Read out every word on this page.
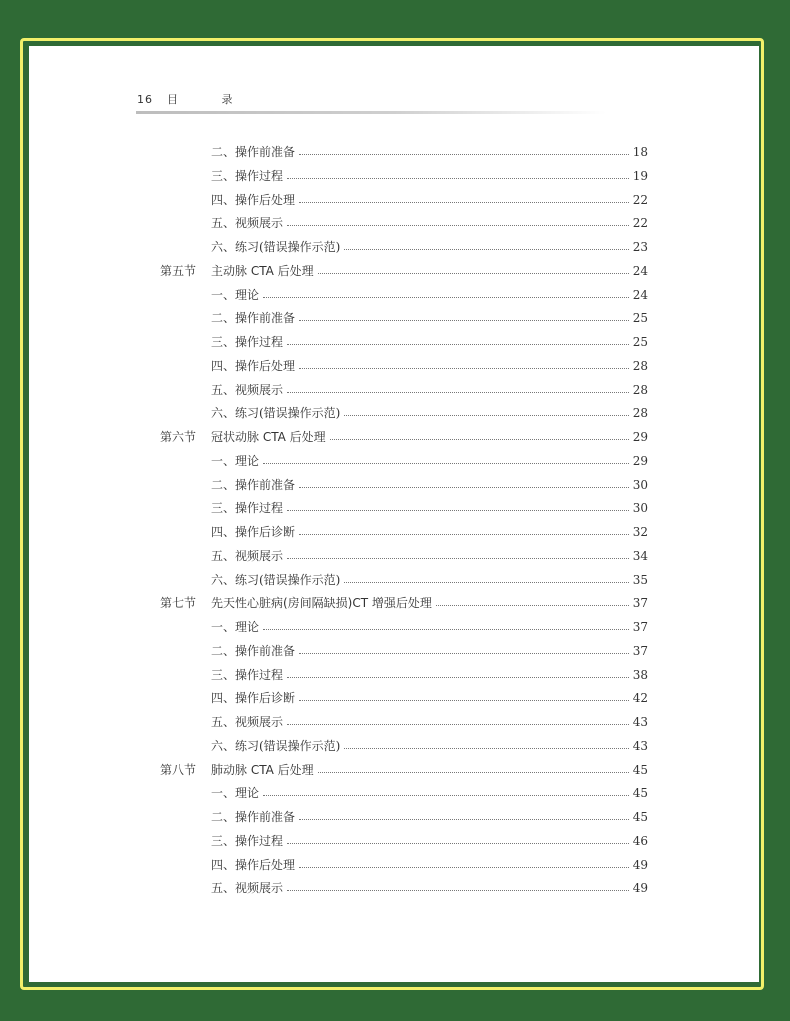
16 目 录
二、操作前准备	18
三、操作过程	19
四、操作后处理	22
五、视频展示	22
六、练习(错误操作示范)	23
第五节 主动脉 CTA 后处理	24
一、理论	24
二、操作前准备	25
三、操作过程	25
四、操作后处理	28
五、视频展示	28
六、练习(错误操作示范)	28
第六节 冠状动脉 CTA 后处理	29
一、理论	29
二、操作前准备	30
三、操作过程	30
四、操作后诊断	32
五、视频展示	34
六、练习(错误操作示范)	35
第七节 先天性心脏病(房间隔缺损)CT 增强后处理	37
一、理论	37
二、操作前准备	37
三、操作过程	38
四、操作后诊断	42
五、视频展示	43
六、练习(错误操作示范)	43
第八节 肺动脉 CTA 后处理	45
一、理论	45
二、操作前准备	45
三、操作过程	46
四、操作后处理	49
五、视频展示	49
